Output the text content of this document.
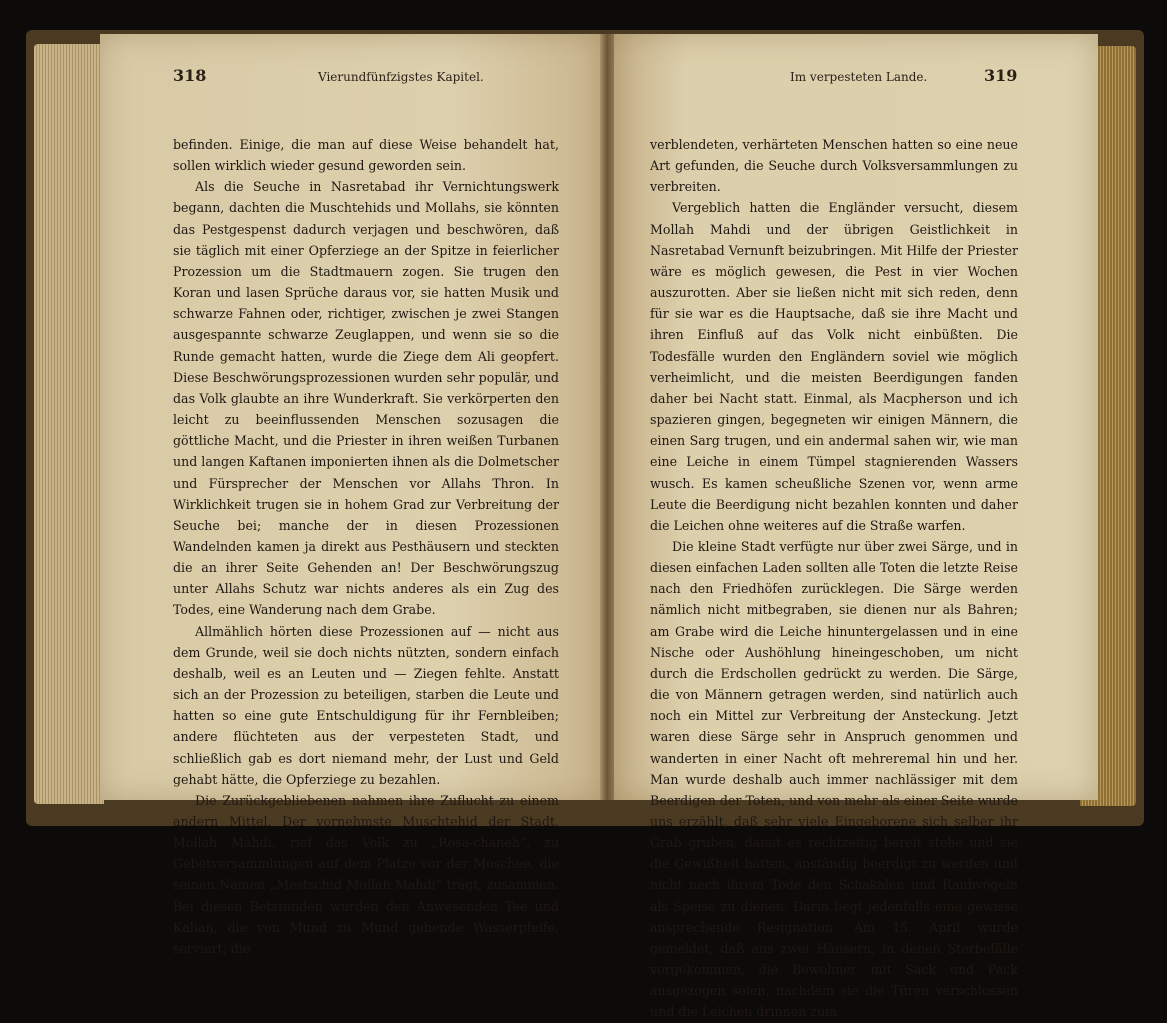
318	Vierundfünfzigstes Kapitel.	Im verpesteten Lande.	319

befinden. Einige, die man auf diese Weise behandelt hat, sollen wirklich wieder gesund geworden sein.

Als die Seuche in Nasretabad ihr Vernichtungswerk begann, dachten die Muschtehids und Mollahs, sie könnten das Pestgespenst dadurch verjagen und beschwören, daß sie täglich mit einer Opferziege an der Spitze in feierlicher Prozession um die Stadtmauern zogen. Sie trugen den Koran und lasen Sprüche daraus vor, sie hatten Musik und schwarze Fahnen oder, richtiger, zwischen je zwei Stangen ausgespannte schwarze Zeuglappen, und wenn sie so die Runde gemacht hatten, wurde die Ziege dem Ali geopfert. Diese Beschwörungsprozessionen wurden sehr populär, und das Volk glaubte an ihre Wunderkraft. Sie verkörperten den leicht zu beeinflussenden Menschen sozusagen die göttliche Macht, und die Priester in ihren weißen Turbanen und langen Kaftanen imponierten ihnen als die Dolmetscher und Fürsprecher der Menschen vor Allahs Thron. In Wirklichkeit trugen sie in hohem Grad zur Verbreitung der Seuche bei; manche der in diesen Prozessionen Wandelnden kamen ja direkt aus Pesthäusern und steckten die an ihrer Seite Gehenden an! Der Beschwörungszug unter Allahs Schutz war nichts anderes als ein Zug des Todes, eine Wanderung nach dem Grabe.

Allmählich hörten diese Prozessionen auf — nicht aus dem Grunde, weil sie doch nichts nützten, sondern einfach deshalb, weil es an Leuten und — Ziegen fehlte. Anstatt sich an der Prozession zu beteiligen, starben die Leute und hatten so eine gute Entschuldigung für ihr Fernbleiben; andere flüchteten aus der verpesteten Stadt, und schließlich gab es dort niemand mehr, der Lust und Geld gehabt hätte, die Opferziege zu bezahlen.

Die Zurückgebliebenen nahmen ihre Zuflucht zu einem andern Mittel. Der vornehmste Muschtehid der Stadt, Mollah Mahdi, rief das Volk zu „Rosa-chaneh“, zu Gebetversammlungen auf dem Platze vor der Moschee, die seinen Namen „Mestschid Mollah Mahdi“ trägt, zusammen. Bei diesen Betstunden wurden den Anwesenden Tee und Kalian, die von Mund zu Mund gehende Wasserpfeife, serviert; die

verblendeten, verhärteten Menschen hatten so eine neue Art gefunden, die Seuche durch Volksversammlungen zu verbreiten.

Vergeblich hatten die Engländer versucht, diesem Mollah Mahdi und der übrigen Geistlichkeit in Nasretabad Vernunft beizubringen. Mit Hilfe der Priester wäre es möglich gewesen, die Pest in vier Wochen auszurotten. Aber sie ließen nicht mit sich reden, denn für sie war es die Hauptsache, daß sie ihre Macht und ihren Einfluß auf das Volk nicht einbüßten. Die Todesfälle wurden den Engländern soviel wie möglich verheimlicht, und die meisten Beerdigungen fanden daher bei Nacht statt. Einmal, als Macpherson und ich spazieren gingen, begegneten wir einigen Männern, die einen Sarg trugen, und ein andermal sahen wir, wie man eine Leiche in einem Tümpel stagnierenden Wassers wusch. Es kamen scheußliche Szenen vor, wenn arme Leute die Beerdigung nicht bezahlen konnten und daher die Leichen ohne weiteres auf die Straße warfen.

Die kleine Stadt verfügte nur über zwei Särge, und in diesen einfachen Laden sollten alle Toten die letzte Reise nach den Friedhöfen zurücklegen. Die Särge werden nämlich nicht mitbegraben, sie dienen nur als Bahren; am Grabe wird die Leiche hinuntergelassen und in eine Nische oder Aushöhlung hineingeschoben, um nicht durch die Erdschollen gedrückt zu werden. Die Särge, die von Männern getragen werden, sind natürlich auch noch ein Mittel zur Verbreitung der Ansteckung. Jetzt waren diese Särge sehr in Anspruch genommen und wanderten in einer Nacht oft mehreremal hin und her. Man wurde deshalb auch immer nachlässiger mit dem Beerdigen der Toten, und von mehr als einer Seite wurde uns erzählt, daß sehr viele Eingeborene sich selber ihr Grab gruben, damit es rechtzeitig bereit stehe und sie die Gewißheit hätten, anständig beerdigt zu werden und nicht nach ihrem Tode den Schakalen und Raubvögeln als Speise zu dienen. Darin liegt jedenfalls eine gewisse ansprechende Resignation. Am 15. April wurde gemeldet, daß aus zwei Häusern, in denen Sterbefälle vorgekommen, die Bewohner mit Sack und Pack ausgezogen seien, nachdem sie die Türen verschlossen und die Leichen drinnen zum
